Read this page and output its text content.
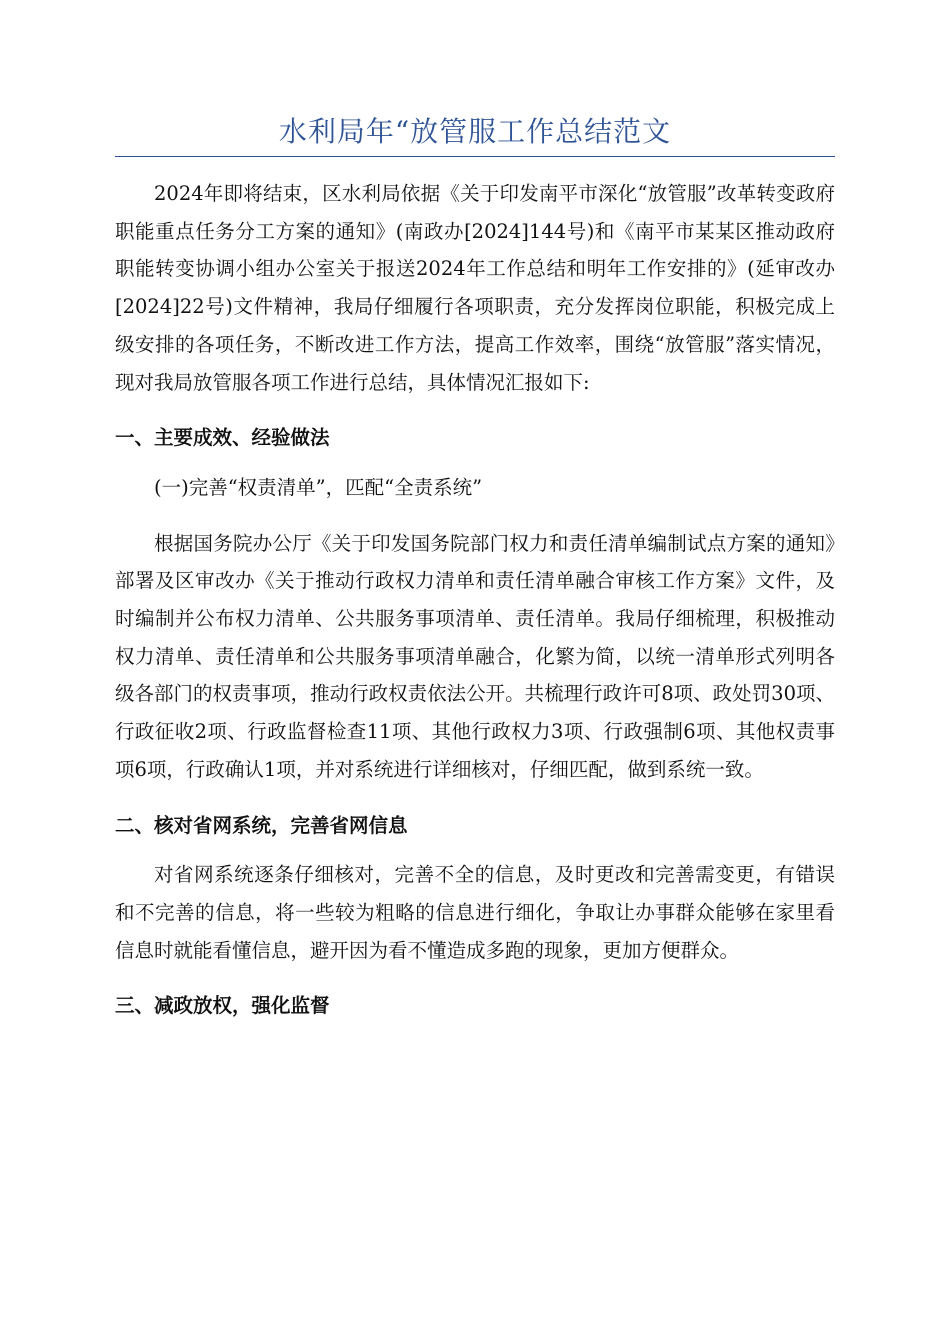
水利局年“放管服工作总结范文

2024年即将结束，区水利局依据《关于印发南平市深化“放管服”改革转变政府职能重点任务分工方案的通知》(南政办[2024]144号)和《南平市某某区推动政府职能转变协调小组办公室关于报送2024年工作总结和明年工作安排的》(延审改办[2024]22号)文件精神，我局仔细履行各项职责，充分发挥岗位职能，积极完成上级安排的各项任务，不断改进工作方法，提高工作效率，围绕“放管服”落实情况，现对我局放管服各项工作进行总结，具体情况汇报如下:

一、主要成效、经验做法

(一)完善“权责清单”，匹配“全责系统”

根据国务院办公厅《关于印发国务院部门权力和责任清单编制试点方案的通知》部署及区审改办《关于推动行政权力清单和责任清单融合审核工作方案》文件，及时编制并公布权力清单、公共服务事项清单、责任清单。我局仔细梳理，积极推动权力清单、责任清单和公共服务事项清单融合，化繁为简，以统一清单形式列明各级各部门的权责事项，推动行政权责依法公开。共梳理行政许可8项、政处罚30项、行政征收2项、行政监督检查11项、其他行政权力3项、行政强制6项、其他权责事项6项，行政确认1项，并对系统进行详细核对，仔细匹配，做到系统一致。

二、核对省网系统，完善省网信息

对省网系统逐条仔细核对，完善不全的信息，及时更改和完善需变更，有错误和不完善的信息，将一些较为粗略的信息进行细化，争取让办事群众能够在家里看信息时就能看懂信息，避开因为看不懂造成多跑的现象，更加方便群众。

三、减政放权，强化监督
